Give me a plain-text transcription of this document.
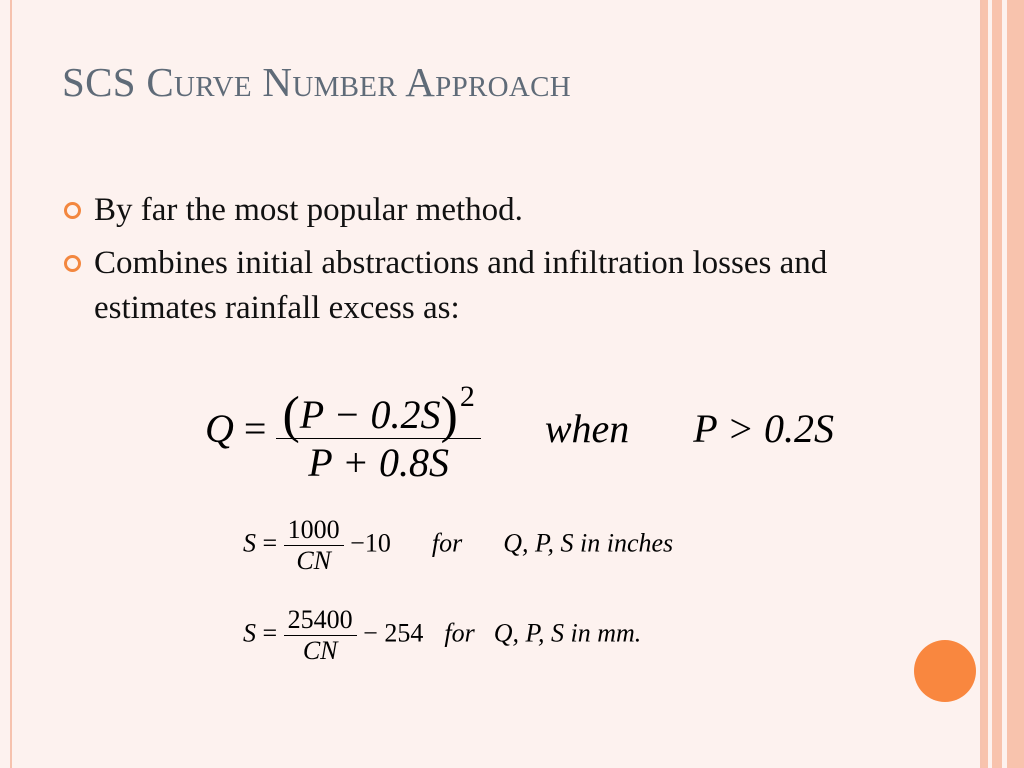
SCS Curve Number Approach
By far the most popular method.
Combines initial abstractions and infiltration losses and estimates rainfall excess as:
$Q = \frac{(P - 0.2S)^2}{P + 0.8S}$ when P > 0.2S
$S = \frac{1000}{CN} -10$ for Q, P, S in inches
$S = \frac{25400}{CN} - 254$ for Q, P, S in mm.
